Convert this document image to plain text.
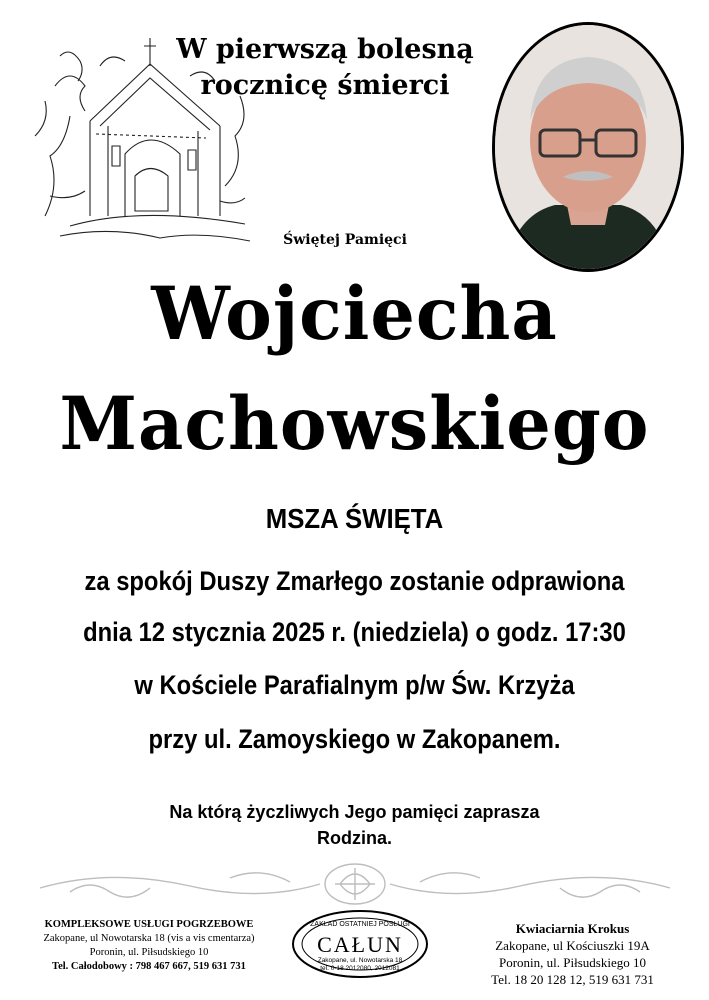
W pierwszą bolesną
rocznicę śmierci
Świętej Pamięci
Wojciecha
Machowskiego
MSZA ŚWIĘTA
za spokój Duszy Zmarłego zostanie odprawiona
dnia 12 stycznia 2025 r. (niedziela) o godz. 17:30
w Kościele Parafialnym p/w Św. Krzyża
przy ul. Zamoyskiego w Zakopanem.
Na którą życzliwych Jego pamięci zaprasza
Rodzina.
KOMPLEKSOWE USŁUGI POGRZEBOWE
Zakopane, ul Nowotarska 18 (vis a vis cmentarza)
Poronin, ul. Piłsudskiego 10
Tel. Całodobowy : 798 467 667, 519 631 731
ZAKŁAD OSTATNIEJ POSŁUGI
CAŁUN
Zakopane, ul. Nowotarska 18
tel. 0-18 2012080, 2012081
Kwiaciarnia Krokus
Zakopane, ul Kościuszki 19A
Poronin, ul. Piłsudskiego 10
Tel. 18 20 128 12, 519 631 731
